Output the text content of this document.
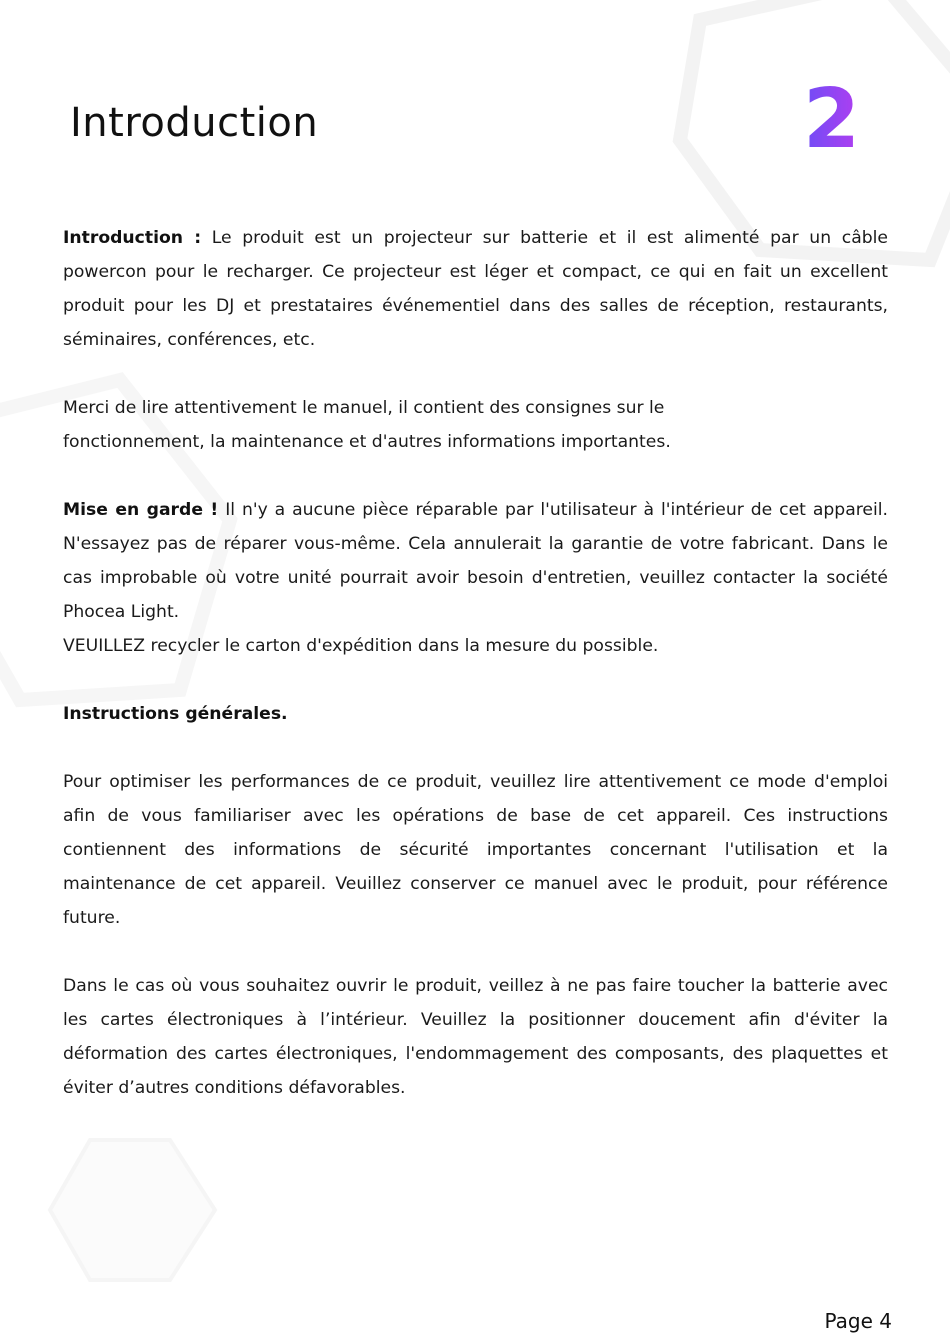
Introduction	2

Introduction : Le produit est un projecteur sur batterie et il est alimenté par un câble powercon pour le recharger. Ce projecteur est léger et compact, ce qui en fait un excellent produit pour les DJ et prestataires événementiel dans des salles de réception, restaurants, séminaires, conférences, etc.

Merci de lire attentivement le manuel, il contient des consignes sur le
fonctionnement, la maintenance et d'autres informations importantes.

Mise en garde ! Il n'y a aucune pièce réparable par l'utilisateur à l'intérieur de cet appareil. N'essayez pas de réparer vous-même. Cela annulerait la garantie de votre fabricant. Dans le cas improbable où votre unité pourrait avoir besoin d'entretien, veuillez contacter la société Phocea Light.

VEUILLEZ recycler le carton d'expédition dans la mesure du possible.

Instructions générales.

Pour optimiser les performances de ce produit, veuillez lire attentivement ce mode d'emploi afin de vous familiariser avec les opérations de base de cet appareil. Ces instructions contiennent des informations de sécurité importantes concernant l'utilisation et la maintenance de cet appareil. Veuillez conserver ce manuel avec le produit, pour référence future.

Dans le cas où vous souhaitez ouvrir le produit, veillez à ne pas faire toucher la batterie avec les cartes électroniques à l’intérieur. Veuillez la positionner doucement afin d'éviter la déformation des cartes électroniques, l'endommagement des composants, des plaquettes et éviter d’autres conditions défavorables.

Page 4
